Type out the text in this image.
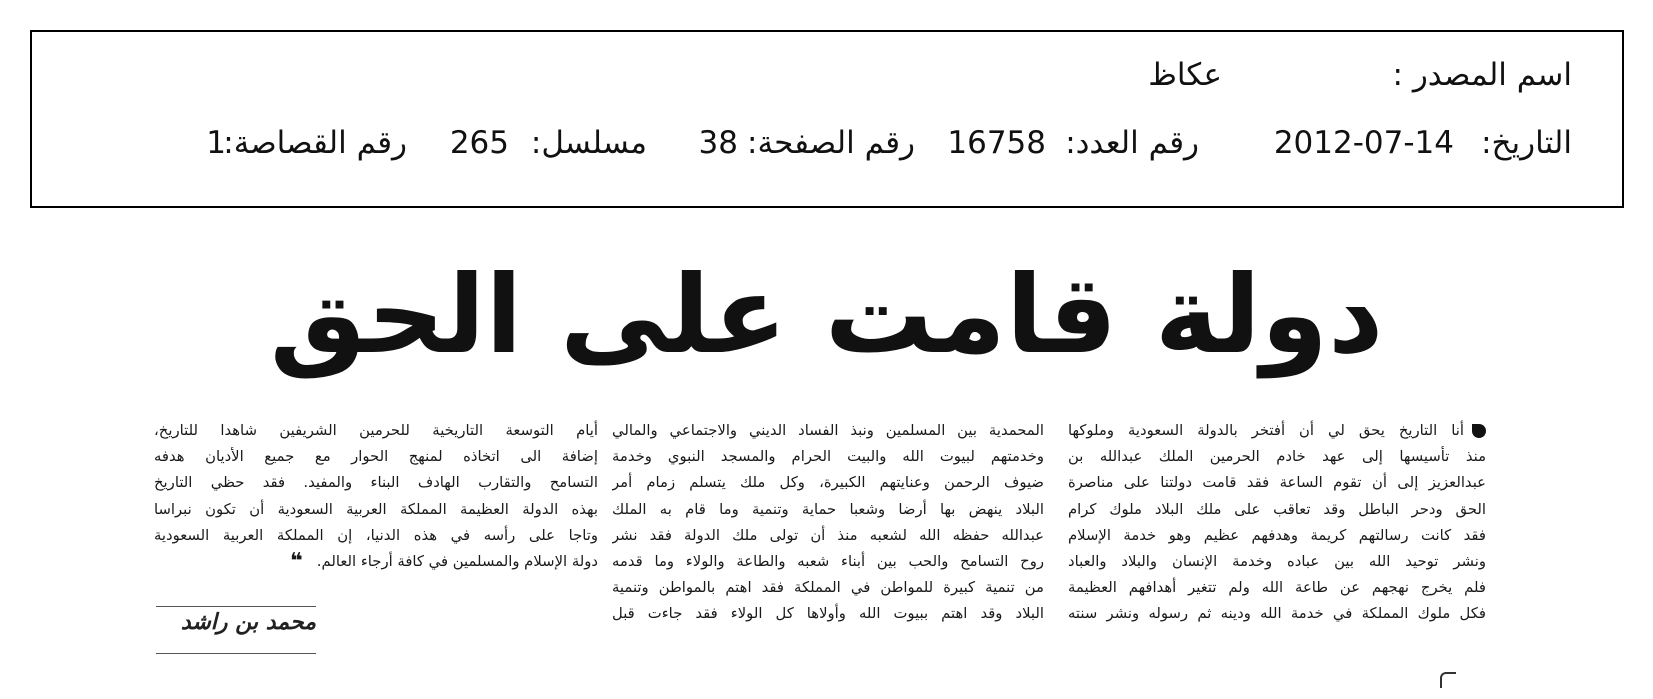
اسم المصدر :
عكاظ
التاريخ:
2012-07-14
رقم العدد:
16758
رقم الصفحة:
38
مسلسل:
265
رقم القصاصة:
1
دولة قامت على الحق
أنا التاريخ يحق لي أن أفتخر بالدولة السعودية وملوكها
منذ تأسيسها إلى عهد خادم الحرمين الملك عبدالله بن
عبدالعزيز إلى أن تقوم الساعة فقد قامت دولتنا على مناصرة
الحق ودحر الباطل وقد تعاقب على ملك البلاد ملوك كرام
فقد كانت رسالتهم كريمة وهدفهم عظيم وهو خدمة الإسلام
ونشر توحيد الله بين عباده وخدمة الإنسان والبلاد والعباد
فلم يخرج نهجهم عن طاعة الله ولم تتغير أهدافهم العظيمة
فكل ملوك المملكة في خدمة الله ودينه ثم رسوله ونشر سنته
المحمدية بين المسلمين ونبذ الفساد الديني والاجتماعي والمالي
وخدمتهم لبيوت الله والبيت الحرام والمسجد النبوي وخدمة
ضيوف الرحمن وعنايتهم الكبيرة، وكل ملك يتسلم زمام أمر
البلاد ينهض بها أرضا وشعبا حماية وتنمية وما قام به الملك
عبدالله حفظه الله لشعبه منذ أن تولى ملك الدولة فقد نشر
روح التسامح والحب بين أبناء شعبه والطاعة والولاء وما قدمه
من تنمية كبيرة للمواطن في المملكة فقد اهتم بالمواطن وتنمية
البلاد وقد اهتم ببيوت الله وأولاها كل الولاء فقد جاءت قبل
أيام التوسعة التاريخية للحرمين الشريفين شاهدا للتاريخ،
إضافة الى اتخاذه لمنهج الحوار مع جميع الأديان هدفه
التسامح والتقارب الهادف البناء والمفيد. فقد حظي التاريخ
بهذه الدولة العظيمة المملكة العربية السعودية أن تكون نبراسا
وتاجا على رأسه في هذه الدنيا، إن المملكة العربية السعودية
دولة الإسلام والمسلمين في كافة أرجاء العالم.❝
محمد بن راشد
